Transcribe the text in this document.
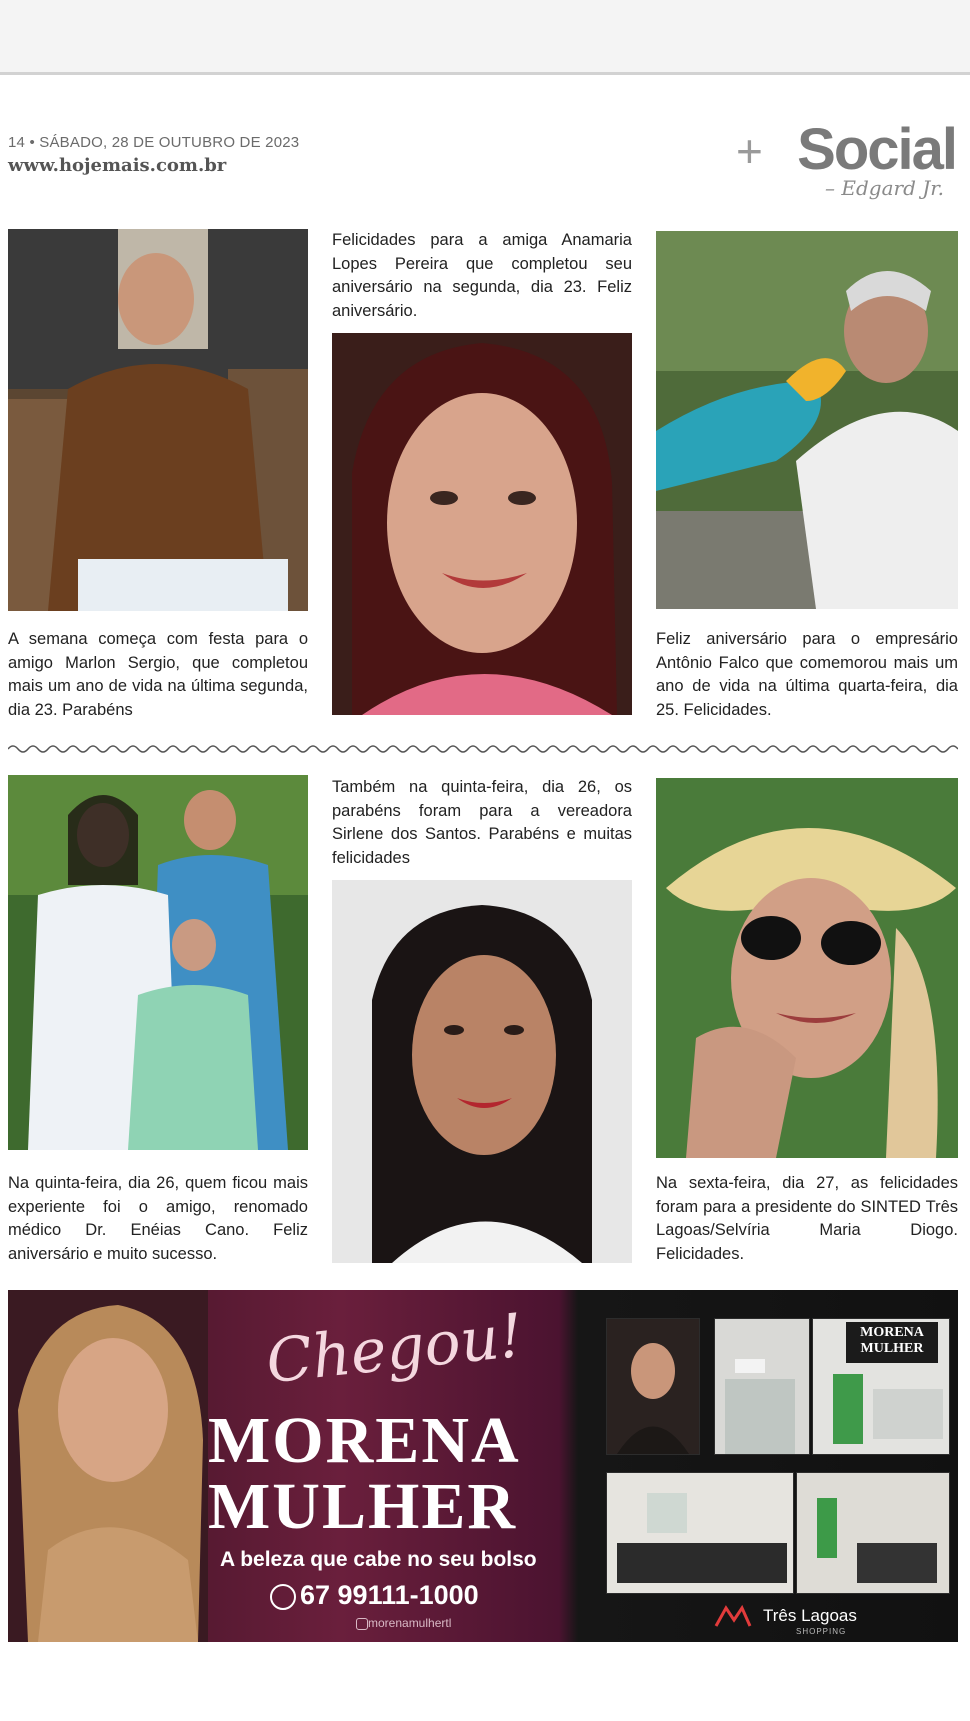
14 • SÁBADO, 28 DE OUTUBRO DE 2023
www.hojemais.com.br	+ Social
– Edgard Jr.
Felicidades para a amiga Anamaria Lopes Pereira que completou seu aniversário na segunda, dia 23. Feliz aniversário.
A semana começa com festa para o amigo Marlon Sergio, que completou mais um ano de vida na última segunda, dia 23. Parabéns
Feliz aniversário para o empresário Antônio Falco que comemorou mais um ano de vida na última quarta-feira, dia 25. Felicidades.
Também na quinta-feira, dia 26, os parabéns foram para a vereadora Sirlene dos Santos. Parabéns e muitas felicidades
Na quinta-feira, dia 26, quem ficou mais experiente foi o amigo, renomado médico Dr. Enéias Cano. Feliz aniversário e muito sucesso.
Na sexta-feira, dia 27, as felicidades foram para a presidente do SINTED Três Lagoas/Selvíria Maria Diogo. Felicidades.
Chegou!
MORENA
MULHER
A beleza que cabe no seu bolso
67 99111-1000
morenamulhertl
MORENA
MULHER
Três Lagoas
SHOPPING
